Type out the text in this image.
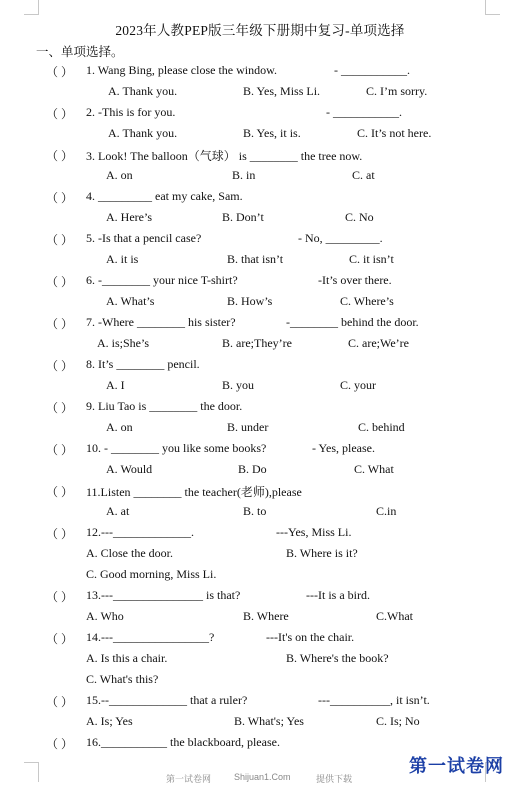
2023年人教PEP版三年级下册期中复习-单项选择
一、单项选择。
（ ） 1. Wang Bing, please close the window.	- ___________.
A. Thank you.	B. Yes, Miss Li.	C. I’m sorry.
（ ） 2. -This is for you.	- ___________.
A. Thank you.	B. Yes, it is.	C. It’s not here.
（ ） 3. Look! The balloon（气球） is ________ the tree now.
A. on	B. in	C. at
（ ） 4. _________ eat my cake, Sam.
A. Here’s	B. Don’t	C. No
（ ） 5. -Is that a pencil case?	- No, _________.
A. it is	B. that isn’t	C. it isn’t
（ ） 6. -________ your nice T-shirt?	-It’s over there.
A. What’s	B. How’s	C. Where’s
（ ） 7. -Where ________ his sister?	-________ behind the door.
A. is;She’s	B. are;They’re	C. are;We’re
（ ） 8. It’s ________ pencil.
A. I	B. you	C. your
（ ） 9. Liu Tao is ________ the door.
A. on	B. under	C. behind
（ ） 10. - ________ you like some books?	- Yes, please.
A. Would	B. Do	C. What
（ ） 11.Listen ________ the teacher(老师),please
A. at	B. to	C.in
（ ） 12.---_____________.	---Yes, Miss Li.
A. Close the door.	B. Where is it?
C. Good morning, Miss Li.
（ ） 13.---_______________ is that?	---It is a bird.
A. Who	B. Where	C.What
（ ） 14.---________________?	---It's on the chair.
A. Is this a chair.	B. Where's the book?
C. What's this?
（ ） 15.--_____________ that a ruler?	---__________, it isn’t.
A. Is; Yes	B. What's; Yes	C. Is; No
（ ） 16.___________ the blackboard, please.
第一试卷网	Shijuan1.Com	提供下载
第一试卷网
